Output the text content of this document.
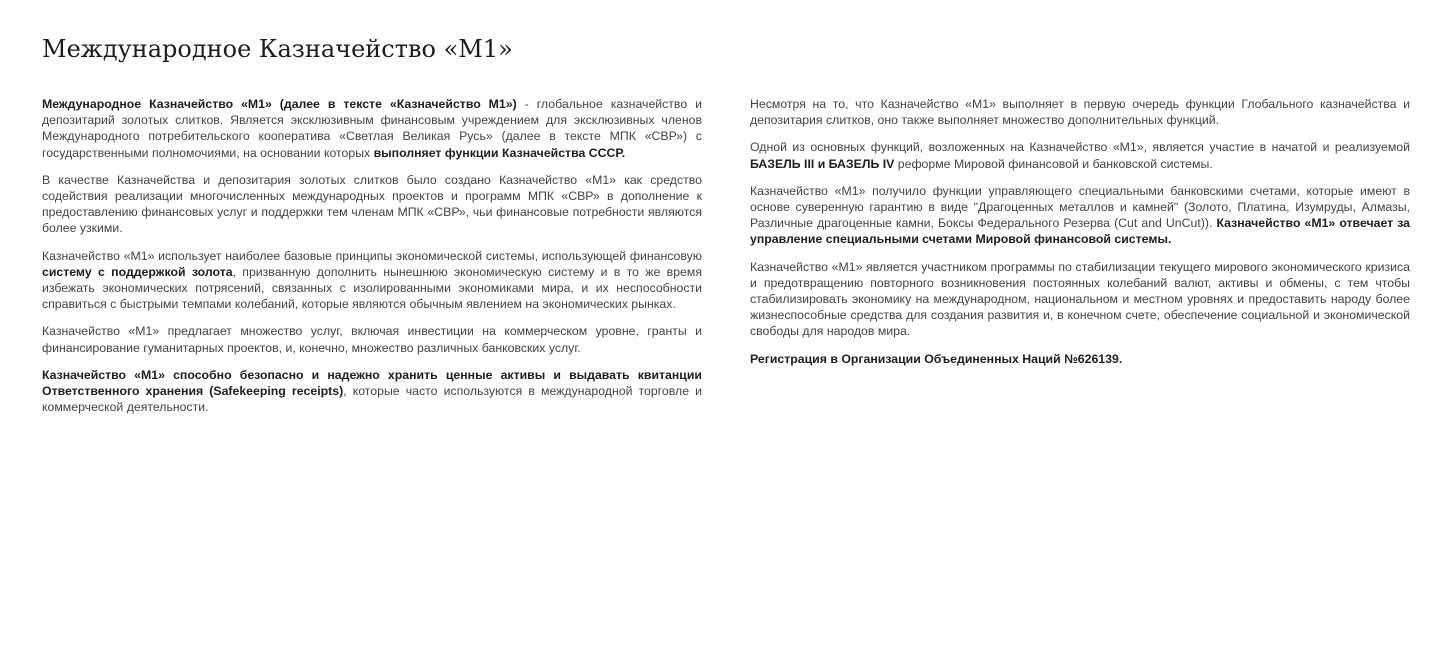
Международное Казначейство «М1»

Международное Казначейство «М1» (далее в тексте «Казначейство М1») - глобальное казначейство и депозитарий золотых слитков. Является эксклюзивным финансовым учреждением для эксклюзивных членов Международного потребительского кооператива «Светлая Великая Русь» (далее в тексте МПК «СВР») с государственными полномочиями, на основании которых выполняет функции Казначейства СССР.

В качестве Казначейства и депозитария золотых слитков было создано Казначейство «М1» как средство содействия реализации многочисленных международных проектов и программ МПК «СВР» в дополнение к предоставлению финансовых услуг и поддержки тем членам МПК «СВР», чьи финансовые потребности являются более узкими.

Казначейство «М1» использует наиболее базовые принципы экономической системы, использующей финансовую систему с поддержкой золота, призванную дополнить нынешнюю экономическую систему и в то же время избежать экономических потрясений, связанных с изолированными экономиками мира, и их неспособности справиться с быстрыми темпами колебаний, которые являются обычным явлением на экономических рынках.

Казначейство «М1» предлагает множество услуг, включая инвестиции на коммерческом уровне, гранты и финансирование гуманитарных проектов, и, конечно, множество различных банковских услуг.

Казначейство «М1» способно безопасно и надежно хранить ценные активы и выдавать квитанции Ответственного хранения (Safekeeping receipts), которые часто используются в международной торговле и коммерческой деятельности.

Несмотря на то, что Казначейство «М1» выполняет в первую очередь функции Глобального казначейства и депозитария слитков, оно также выполняет множество дополнительных функций.

Одной из основных функций, возложенных на Казначейство «М1», является участие в начатой и реализуемой БАЗЕЛЬ III и БАЗЕЛЬ IV реформе Мировой финансовой и банковской системы.

Казначейство «М1» получило функции управляющего специальными банковскими счетами, которые имеют в основе суверенную гарантию в виде "Драгоценных металлов и камней" (Золото, Платина, Изумруды, Алмазы, Различные драгоценные камни, Боксы Федерального Резерва (Cut and UnCut)). Казначейство «М1» отвечает за управление специальными счетами Мировой финансовой системы.

Казначейство «М1» является участником программы по стабилизации текущего мирового экономического кризиса и предотвращению повторного возникновения постоянных колебаний валют, активы и обмены, с тем чтобы стабилизировать экономику на международном, национальном и местном уровнях и предоставить народу более жизнеспособные средства для создания развития и, в конечном счете, обеспечение социальной и экономической свободы для народов мира.

Регистрация в Организации Объединенных Наций №626139.
